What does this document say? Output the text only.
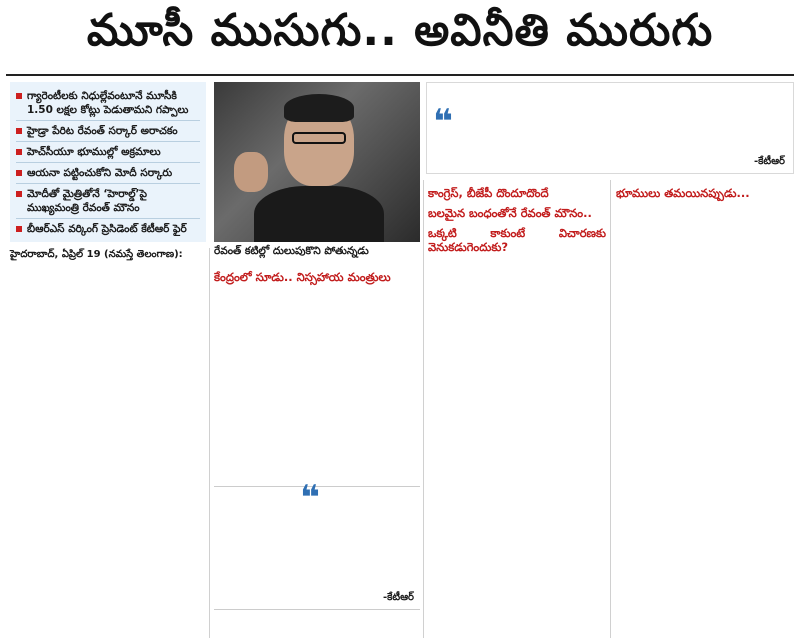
మూసీ ముసుగు.. అవినీతి మురుగు
గ్యారెంటీలకు నిధుల్లేవంటూనే మూసీకి 1.50 లక్షల కోట్లు పెడుతామని గప్పాలు
హైడ్రా పేరిట రేవంత్ సర్కార్ అరాచకం
హెచ్‌సీయూ భూముల్లో అక్రమాలు
ఆయనా పట్టించుకోని మోదీ సర్కారు
మోదీతో మైత్రితోనే ‘హెరాల్డ్’పై ముఖ్యమంత్రి రేవంత్ మౌనం
బీఆర్‌ఎస్ వర్కింగ్ ప్రెసిడెంట్ కేటీఆర్ ఫైర్
❝
-కేటీఆర్
రేవంత్ కటిల్లో దులుపుకొని పోతున్నడు

హైదరాబాద్, ఏప్రిల్ 19 (నమస్తే తెలంగాణ):

కేంద్రంలో సూడు.. నిస్సహాయ మంత్రులు

❝
-కేటీఆర్

కాంగ్రెస్, బీజేపీ దొందూదొందే

బలమైన బంధంతోనే రేవంత్ మౌనం..

ఒక్కటి కాకుంటే విచారణకు వెనుకడుగెందుకు?

భూములు తమయినప్పుడు...
